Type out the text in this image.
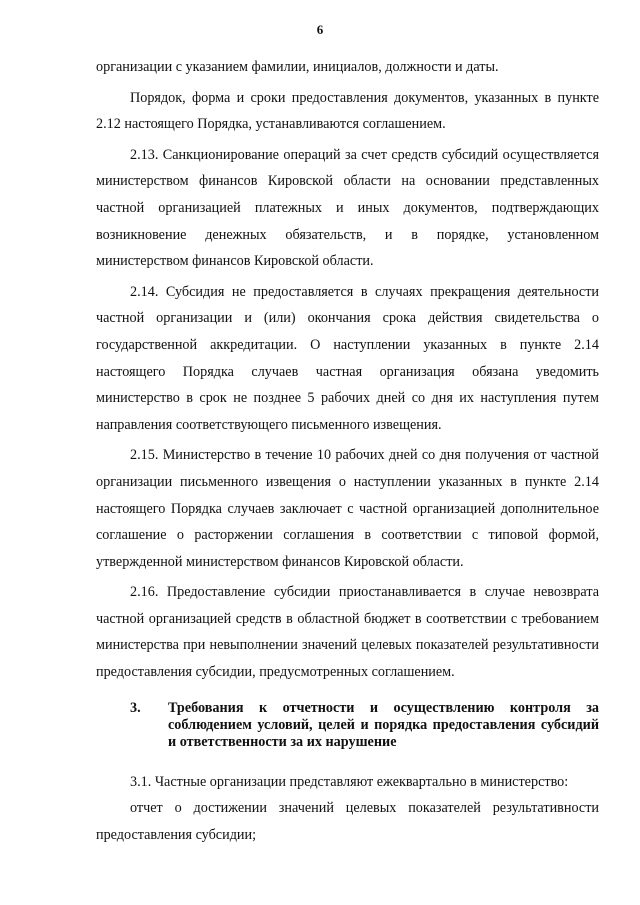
6

организации с указанием фамилии, инициалов, должности и даты.

Порядок, форма и сроки предоставления документов, указанных в пункте 2.12 настоящего Порядка, устанавливаются соглашением.

2.13. Санкционирование операций за счет средств субсидий осуществляется министерством финансов Кировской области на основании представленных частной организацией платежных и иных документов, подтверждающих возникновение денежных обязательств, и в порядке, установленном министерством финансов Кировской области.

2.14. Субсидия не предоставляется в случаях прекращения деятельности частной организации и (или) окончания срока действия свидетельства о государственной аккредитации. О наступлении указанных в пункте 2.14 настоящего Порядка случаев частная организация обязана уведомить министерство в срок не позднее 5 рабочих дней со дня их наступления путем направления соответствующего письменного извещения.

2.15. Министерство в течение 10 рабочих дней со дня получения от частной организации письменного извещения о наступлении указанных в пункте 2.14 настоящего Порядка случаев заключает с частной организацией дополнительное соглашение о расторжении соглашения в соответствии с типовой формой, утвержденной министерством финансов Кировской области.

2.16. Предоставление субсидии приостанавливается в случае невозврата частной организацией средств в областной бюджет в соответствии с требованием министерства при невыполнении значений целевых показателей результативности предоставления субсидии, предусмотренных соглашением.

3.	Требования к отчетности и осуществлению контроля за соблюдением условий, целей и порядка предоставления субсидий и ответственности за их нарушение

3.1. Частные организации представляют ежеквартально в министерство:

отчет о достижении значений целевых показателей результативности предоставления субсидии;
